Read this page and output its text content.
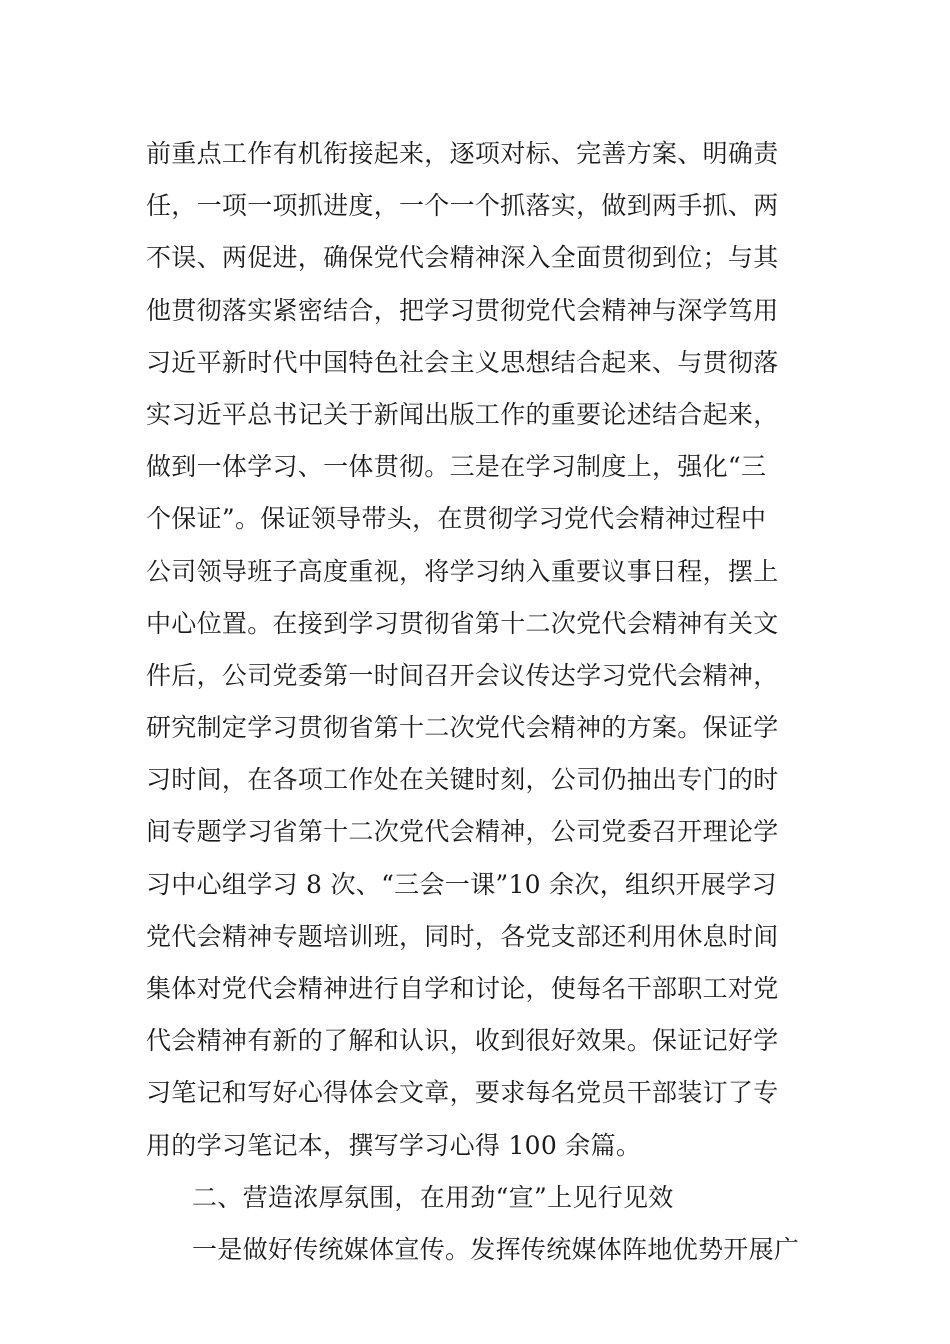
前重点工作有机衔接起来，逐项对标、完善方案、明确责
任，一项一项抓进度，一个一个抓落实，做到两手抓、两
不误、两促进，确保党代会精神深入全面贯彻到位；与其
他贯彻落实紧密结合，把学习贯彻党代会精神与深学笃用
习近平新时代中国特色社会主义思想结合起来、与贯彻落
实习近平总书记关于新闻出版工作的重要论述结合起来，
做到一体学习、一体贯彻。三是在学习制度上，强化“三
个保证”。保证领导带头，在贯彻学习党代会精神过程中
公司领导班子高度重视，将学习纳入重要议事日程，摆上
中心位置。在接到学习贯彻省第十二次党代会精神有关文
件后，公司党委第一时间召开会议传达学习党代会精神，
研究制定学习贯彻省第十二次党代会精神的方案。保证学
习时间，在各项工作处在关键时刻，公司仍抽出专门的时
间专题学习省第十二次党代会精神，公司党委召开理论学
习中心组学习 8 次、“三会一课”10 余次，组织开展学习
党代会精神专题培训班，同时，各党支部还利用休息时间
集体对党代会精神进行自学和讨论，使每名干部职工对党
代会精神有新的了解和认识，收到很好效果。保证记好学
习笔记和写好心得体会文章，要求每名党员干部装订了专
用的学习笔记本，撰写学习心得 100 余篇。
二、营造浓厚氛围，在用劲“宣”上见行见效
一是做好传统媒体宣传。发挥传统媒体阵地优势开展广
